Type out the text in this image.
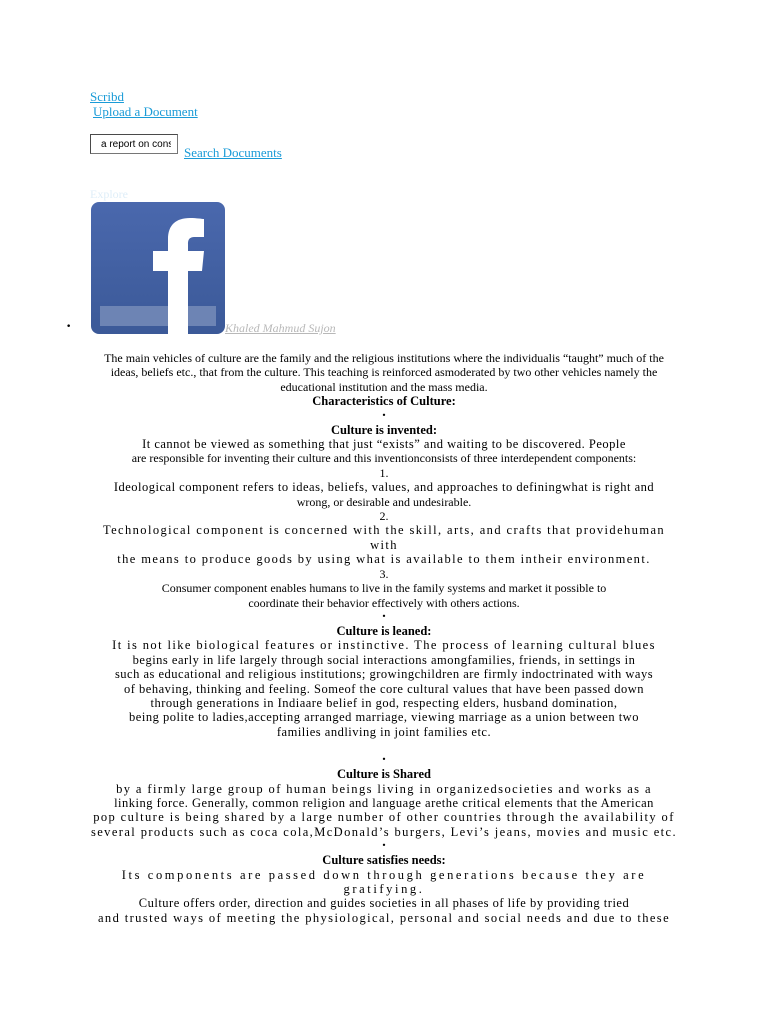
Scribd
Upload a Document
a report on consu
Search Documents
Explore
•	Khaled Mahmud Sujon

The main vehicles of culture are the family and the religious institutions where the individualis “taught” much of the

ideas, beliefs etc., that from the culture. This teaching is reinforced asmoderated by two other vehicles namely the

educational institution and the mass media.

Characteristics of Culture:

•

Culture is invented:

It cannot be viewed as something that just “exists” and waiting to be discovered. People

are responsible for inventing their culture and this inventionconsists of three interdependent components:

1.

Ideological component refers to ideas, beliefs, values, and approaches to definingwhat is right and

wrong, or desirable and undesirable.

2.

Technological component is concerned with the skill, arts, and crafts that providehuman with

the means to produce goods by using what is available to them intheir environment.

3.

Consumer component enables humans to live in the family systems and market it possible to

coordinate their behavior effectively with others actions.

•

Culture is leaned:

It is not like biological features or instinctive. The process of learning cultural blues

begins early in life largely through social interactions amongfamilies, friends, in settings in

such as educational and religious institutions; growingchildren are firmly indoctrinated with ways

of behaving, thinking and feeling. Someof the core cultural values that have been passed down

through generations in Indiaare belief in god, respecting elders, husband domination,

being polite to ladies,accepting arranged marriage, viewing marriage as a union between two

families andliving in joint families etc.

•

Culture is Shared

by a firmly large group of human beings living in organizedsocieties and works as a

linking force. Generally, common religion and language arethe critical elements that the American

pop culture is being shared by a large number of other countries through the availability of

several products such as coca cola,McDonald’s burgers, Levi’s jeans, movies and music etc.

•

Culture satisfies needs:

Its components are passed down through generations because they are gratifying.

Culture offers order, direction and guides societies in all phases of life by providing tried

and trusted ways of meeting the physiological, personal and social needs and due to these
